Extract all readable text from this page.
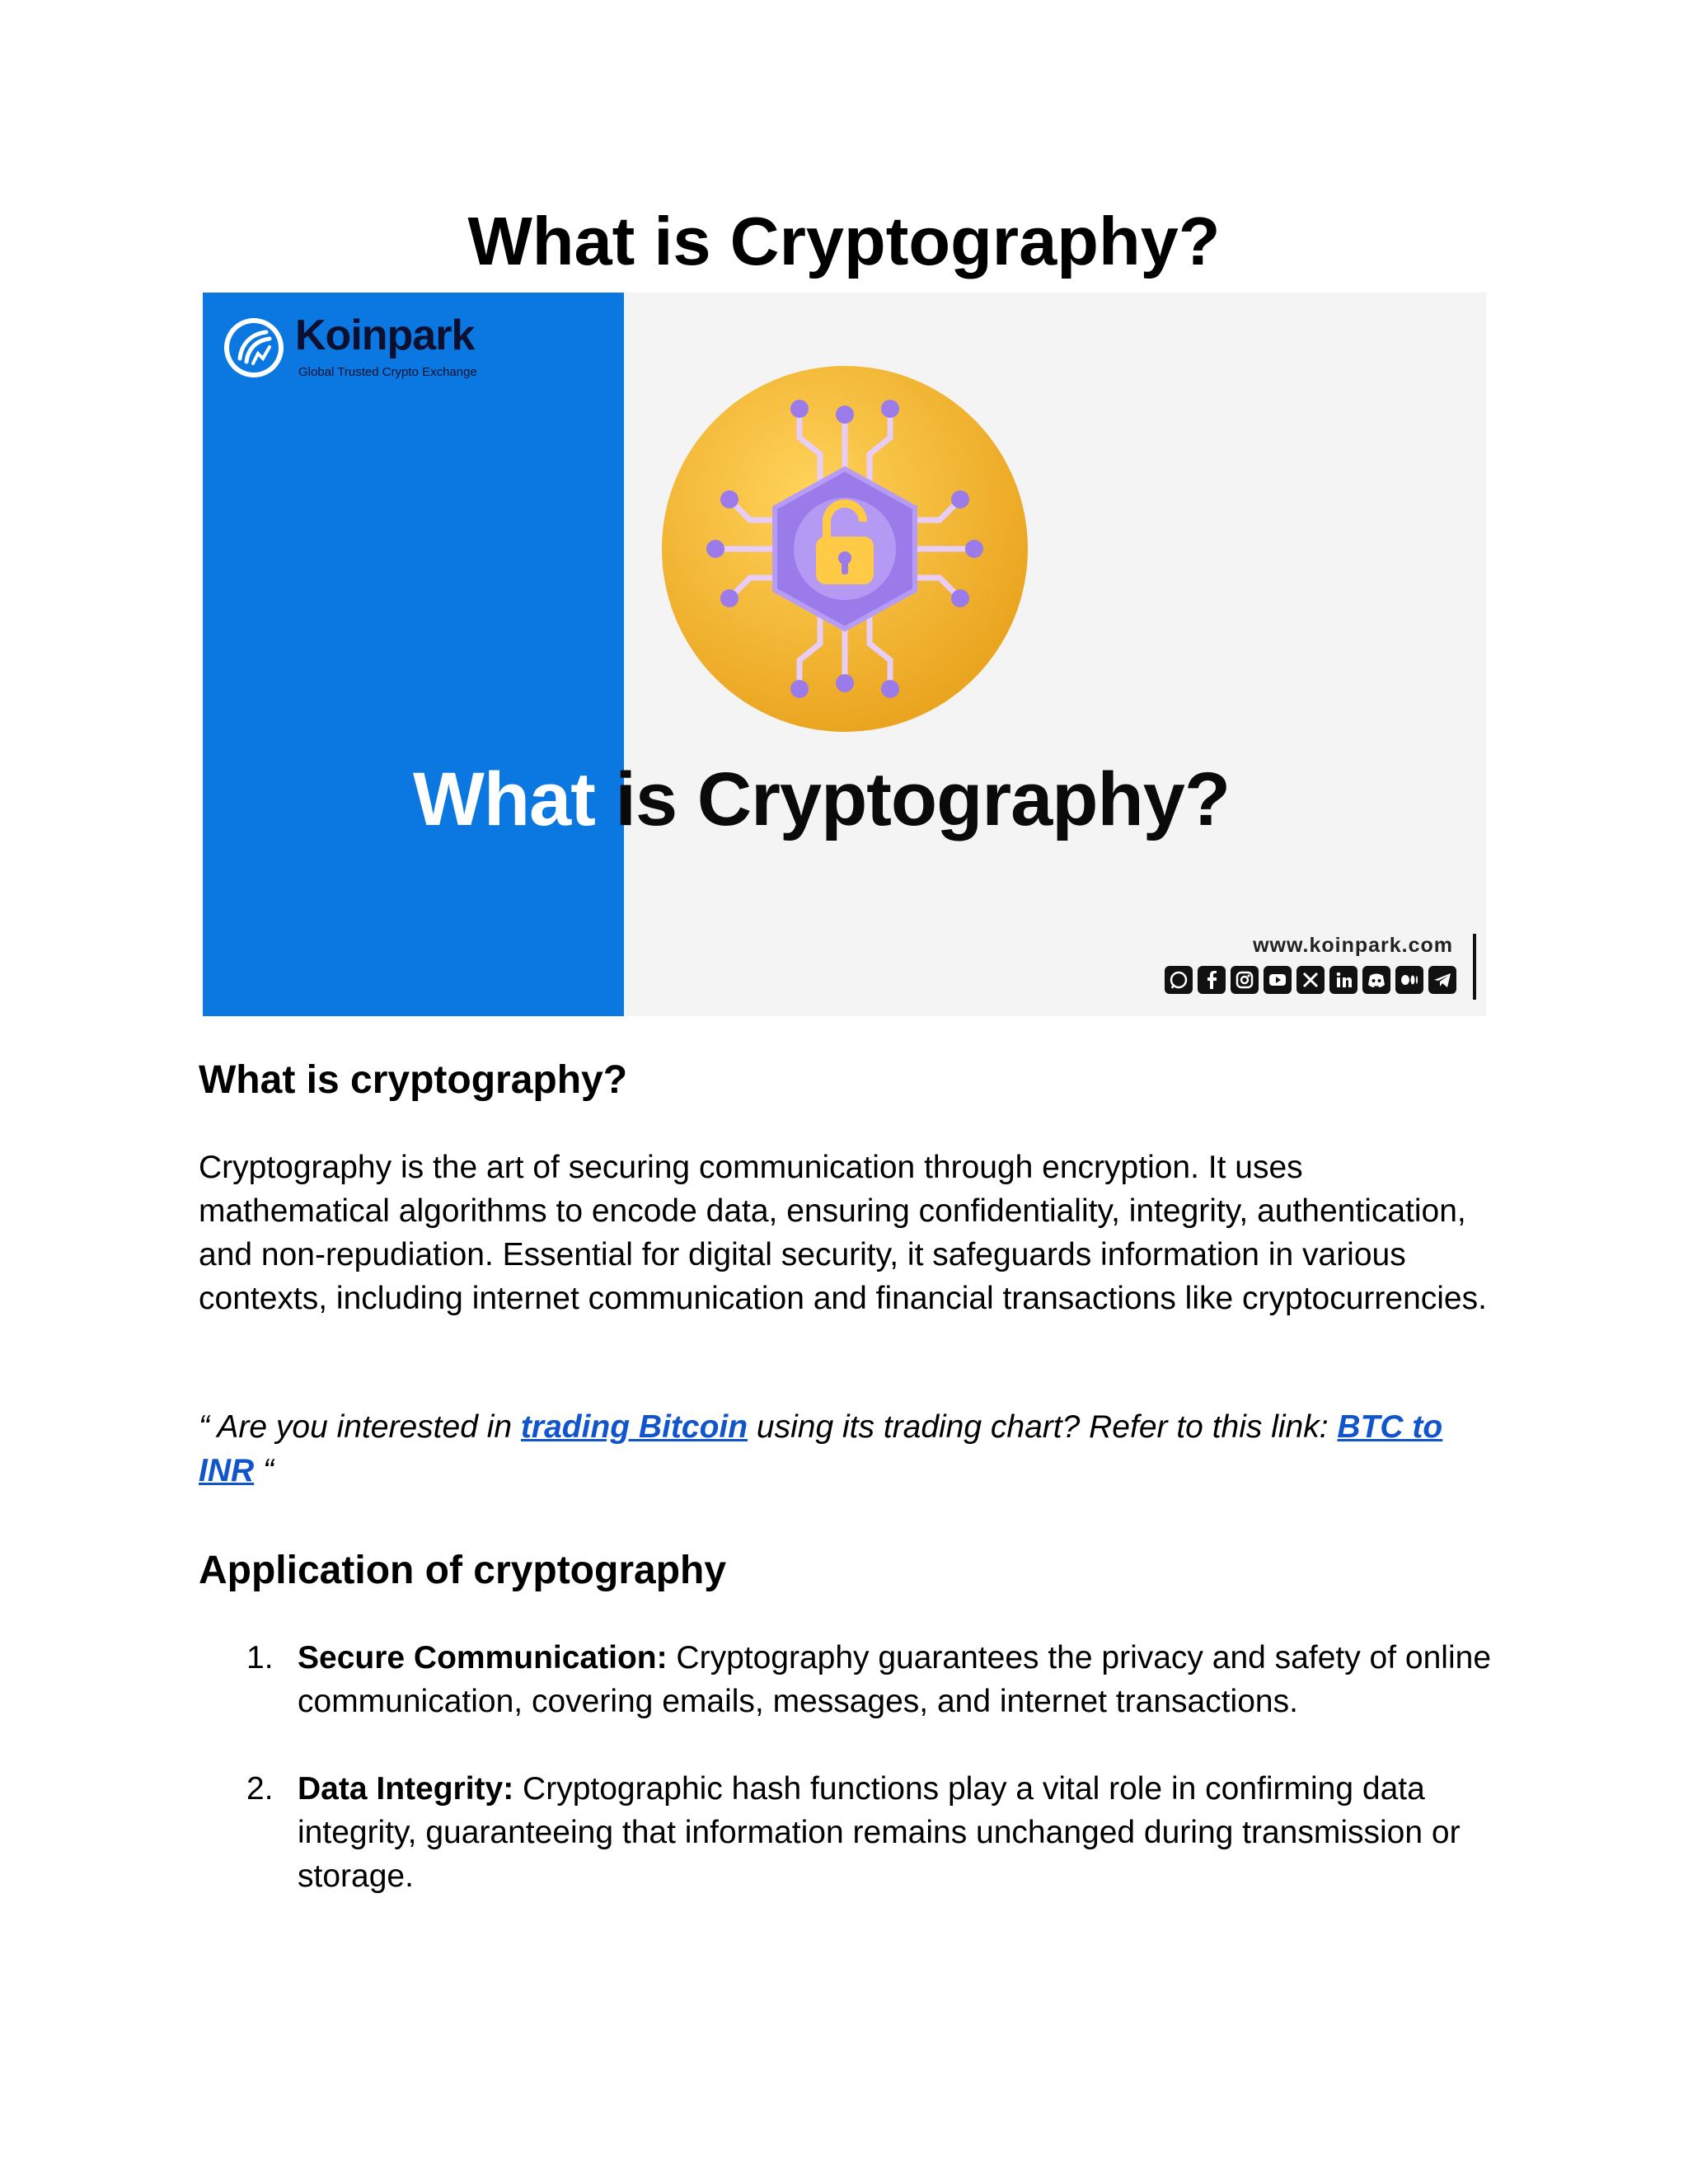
What is Cryptography?
Koinpark
Global Trusted Crypto Exchange
What is Cryptography?
www.koinpark.com
What is cryptography?

Cryptography is the art of securing communication through encryption. It uses mathematical algorithms to encode data, ensuring confidentiality, integrity, authentication, and non-repudiation. Essential for digital security, it safeguards information in various contexts, including internet communication and financial transactions like cryptocurrencies.

“ Are you interested in trading Bitcoin using its trading chart? Refer to this link: BTC to INR “

Application of cryptography
1. Secure Communication: Cryptography guarantees the privacy and safety of online communication, covering emails, messages, and internet transactions.
2. Data Integrity: Cryptographic hash functions play a vital role in confirming data integrity, guaranteeing that information remains unchanged during transmission or storage.
